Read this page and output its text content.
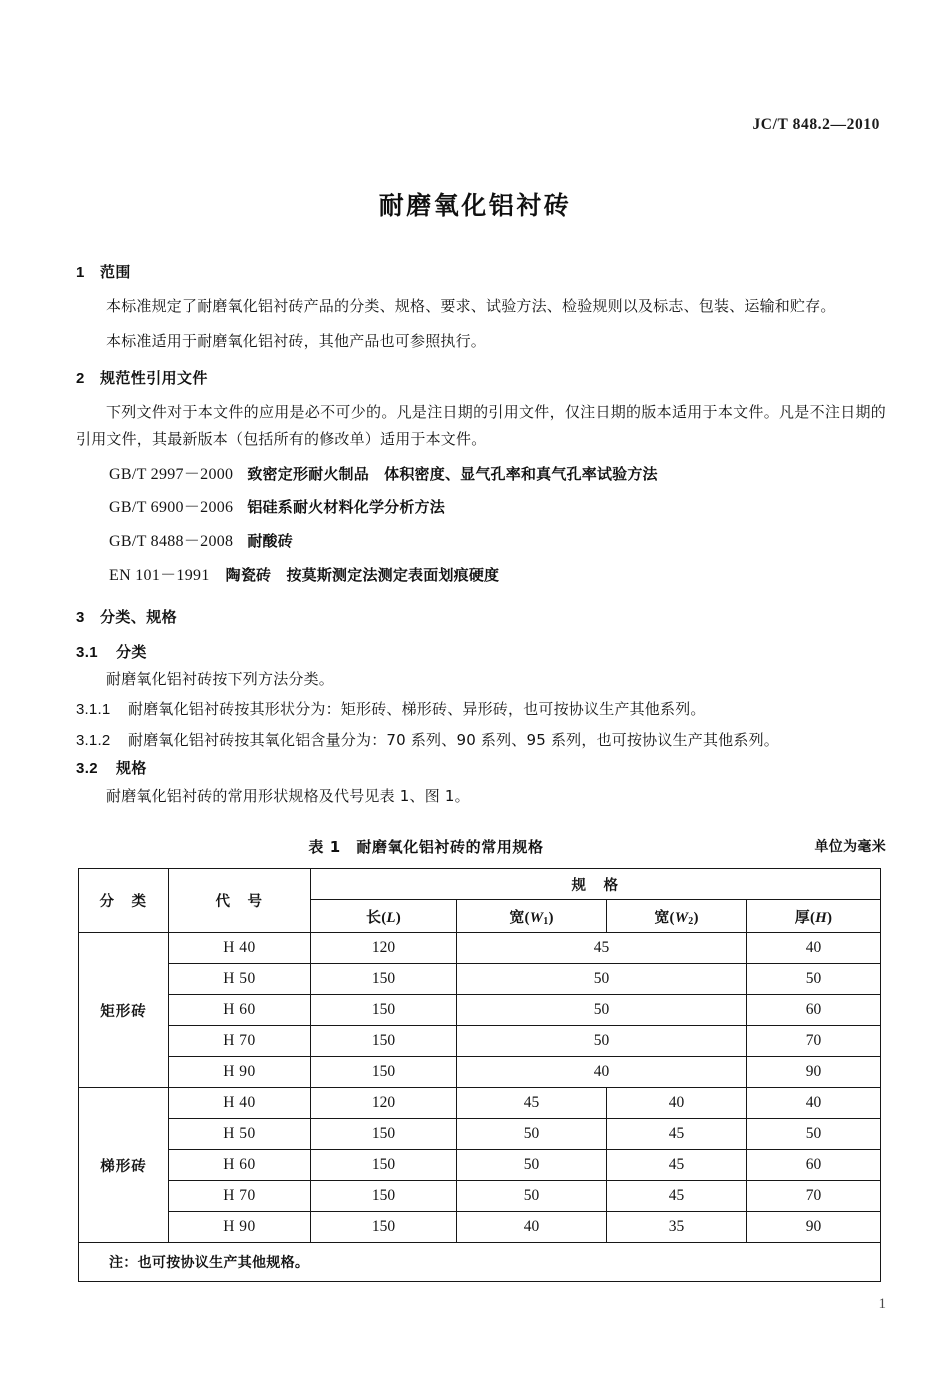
JC/T 848.2—2010
耐磨氧化铝衬砖
1 范围

本标准规定了耐磨氧化铝衬砖产品的分类、规格、要求、试验方法、检验规则以及标志、包装、运输和贮存。

本标准适用于耐磨氧化铝衬砖，其他产品也可参照执行。

2 规范性引用文件

下列文件对于本文件的应用是必不可少的。凡是注日期的引用文件，仅注日期的版本适用于本文件。凡是不注日期的引用文件，其最新版本（包括所有的修改单）适用于本文件。

GB/T 2997－2000 致密定形耐火制品　体积密度、显气孔率和真气孔率试验方法
GB/T 6900－2006 铝硅系耐火材料化学分析方法
GB/T 8488－2008 耐酸砖
EN 101－1991 陶瓷砖　按莫斯测定法测定表面划痕硬度
3 分类、规格
3.1 分类

耐磨氧化铝衬砖按下列方法分类。

3.1.1 耐磨氧化铝衬砖按其形状分为：矩形砖、梯形砖、异形砖，也可按协议生产其他系列。

3.1.2 耐磨氧化铝衬砖按其氧化铝含量分为：70 系列、90 系列、95 系列，也可按协议生产其他系列。

3.2 规格

耐磨氧化铝衬砖的常用形状规格及代号见表 1、图 1。

表 1　耐磨氧化铝衬砖的常用规格	单位为毫米
分　类	代　号	规　格			
		长(L)	宽$(W_1)$	宽$(W_2)$	厚(H)
矩形砖	H 40	120	45		40
	H 50	150	50		50
	H 60	150	50		60
	H 70	150	50		70
	H 90	150	40		90
梯形砖	H 40	120	45	40	40
	H 50	150	50	45	50
	H 60	150	50	45	60
	H 70	150	50	45	70
	H 90	150	40	35	90
注：也可按协议生产其他规格。					
1
